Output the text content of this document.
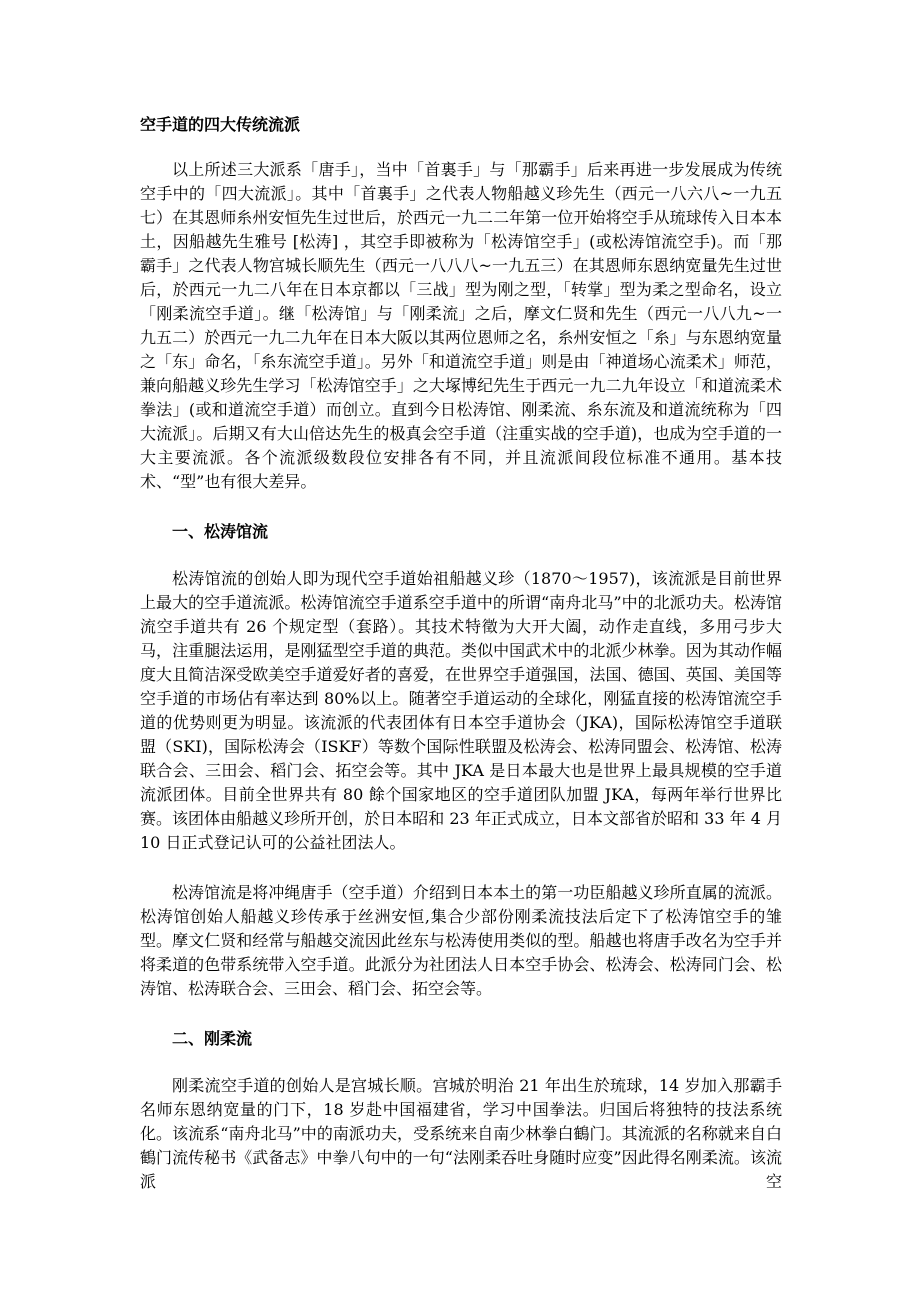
空手道的四大传统流派

以上所述三大派系「唐手」，当中「首裏手」与「那霸手」后来再进一步发展成为传统空手中的「四大流派」。其中「首裏手」之代表人物船越义珍先生（西元一八六八~一九五七）在其恩师糸州安恒先生过世后，於西元一九二二年第一位开始将空手从琉球传入日本本土，因船越先生雅号 [松涛] ，其空手即被称为「松涛馆空手」(或松涛馆流空手)。而「那霸手」之代表人物宫城长顺先生（西元一八八八~一九五三）在其恩师东恩纳宽量先生过世后，於西元一九二八年在日本京都以「三战」型为刚之型，「转掌」型为柔之型命名，设立「刚柔流空手道」。继「松涛馆」与「刚柔流」之后，摩文仁贤和先生（西元一八八九~一九五二）於西元一九二九年在日本大阪以其两位恩师之名，糸州安恒之「糸」与东恩纳宽量之「东」命名，「糸东流空手道」。另外「和道流空手道」则是由「神道场心流柔术」师范，兼向船越义珍先生学习「松涛馆空手」之大塚博纪先生于西元一九二九年设立「和道流柔术拳法」(或和道流空手道）而创立。直到今日松涛馆、刚柔流、糸东流及和道流统称为「四大流派」。后期又有大山倍达先生的极真会空手道（注重实战的空手道)，也成为空手道的一大主要流派。各个流派级数段位安排各有不同，并且流派间段位标准不通用。基本技术、“型”也有很大差异。

一、松涛馆流

松涛馆流的创始人即为现代空手道始祖船越义珍（1870～1957)，该流派是目前世界上最大的空手道流派。松涛馆流空手道系空手道中的所谓“南舟北马”中的北派功夫。松涛馆流空手道共有 26 个规定型（套路）。其技术特徵为大开大阖，动作走直线，多用弓步大马，注重腿法运用，是刚猛型空手道的典范。类似中国武术中的北派少林拳。因为其动作幅度大且简洁深受欧美空手道爱好者的喜爱，在世界空手道强国，法国、德国、英国、美国等空手道的市场佔有率达到 80%以上。随著空手道运动的全球化，刚猛直接的松涛馆流空手道的优势则更为明显。该流派的代表团体有日本空手道协会（JKA)，国际松涛馆空手道联盟（SKI)，国际松涛会（ISKF）等数个国际性联盟及松涛会、松涛同盟会、松涛馆、松涛联合会、三田会、稻门会、拓空会等。其中 JKA 是日本最大也是世界上最具规模的空手道流派团体。目前全世界共有 80 餘个国家地区的空手道团队加盟 JKA，每两年举行世界比赛。该团体由船越义珍所开创，於日本昭和 23 年正式成立，日本文部省於昭和 33 年 4 月 10 日正式登记认可的公益社团法人。

松涛馆流是将冲绳唐手（空手道）介绍到日本本土的第一功臣船越义珍所直属的流派。松涛馆创始人船越义珍传承于丝洲安恒,集合少部份刚柔流技法后定下了松涛馆空手的雏型。摩文仁贤和经常与船越交流因此丝东与松涛使用类似的型。船越也将唐手改名为空手并将柔道的色带系统带入空手道。此派分为社团法人日本空手协会、松涛会、松涛同门会、松涛馆、松涛联合会、三田会、稻门会、拓空会等。

二、刚柔流

刚柔流空手道的创始人是宫城长顺。宫城於明治 21 年出生於琉球，14 岁加入那霸手名师东恩纳宽量的门下，18 岁赴中国福建省，学习中国拳法。归国后将独特的技法系统化。该流系“南舟北马”中的南派功夫，受系统来自南少林拳白鶴门。其流派的名称就来自白鶴门流传秘书《武备志》中拳八句中的一句“法刚柔吞吐身随时应变”因此得名刚柔流。该流派空
